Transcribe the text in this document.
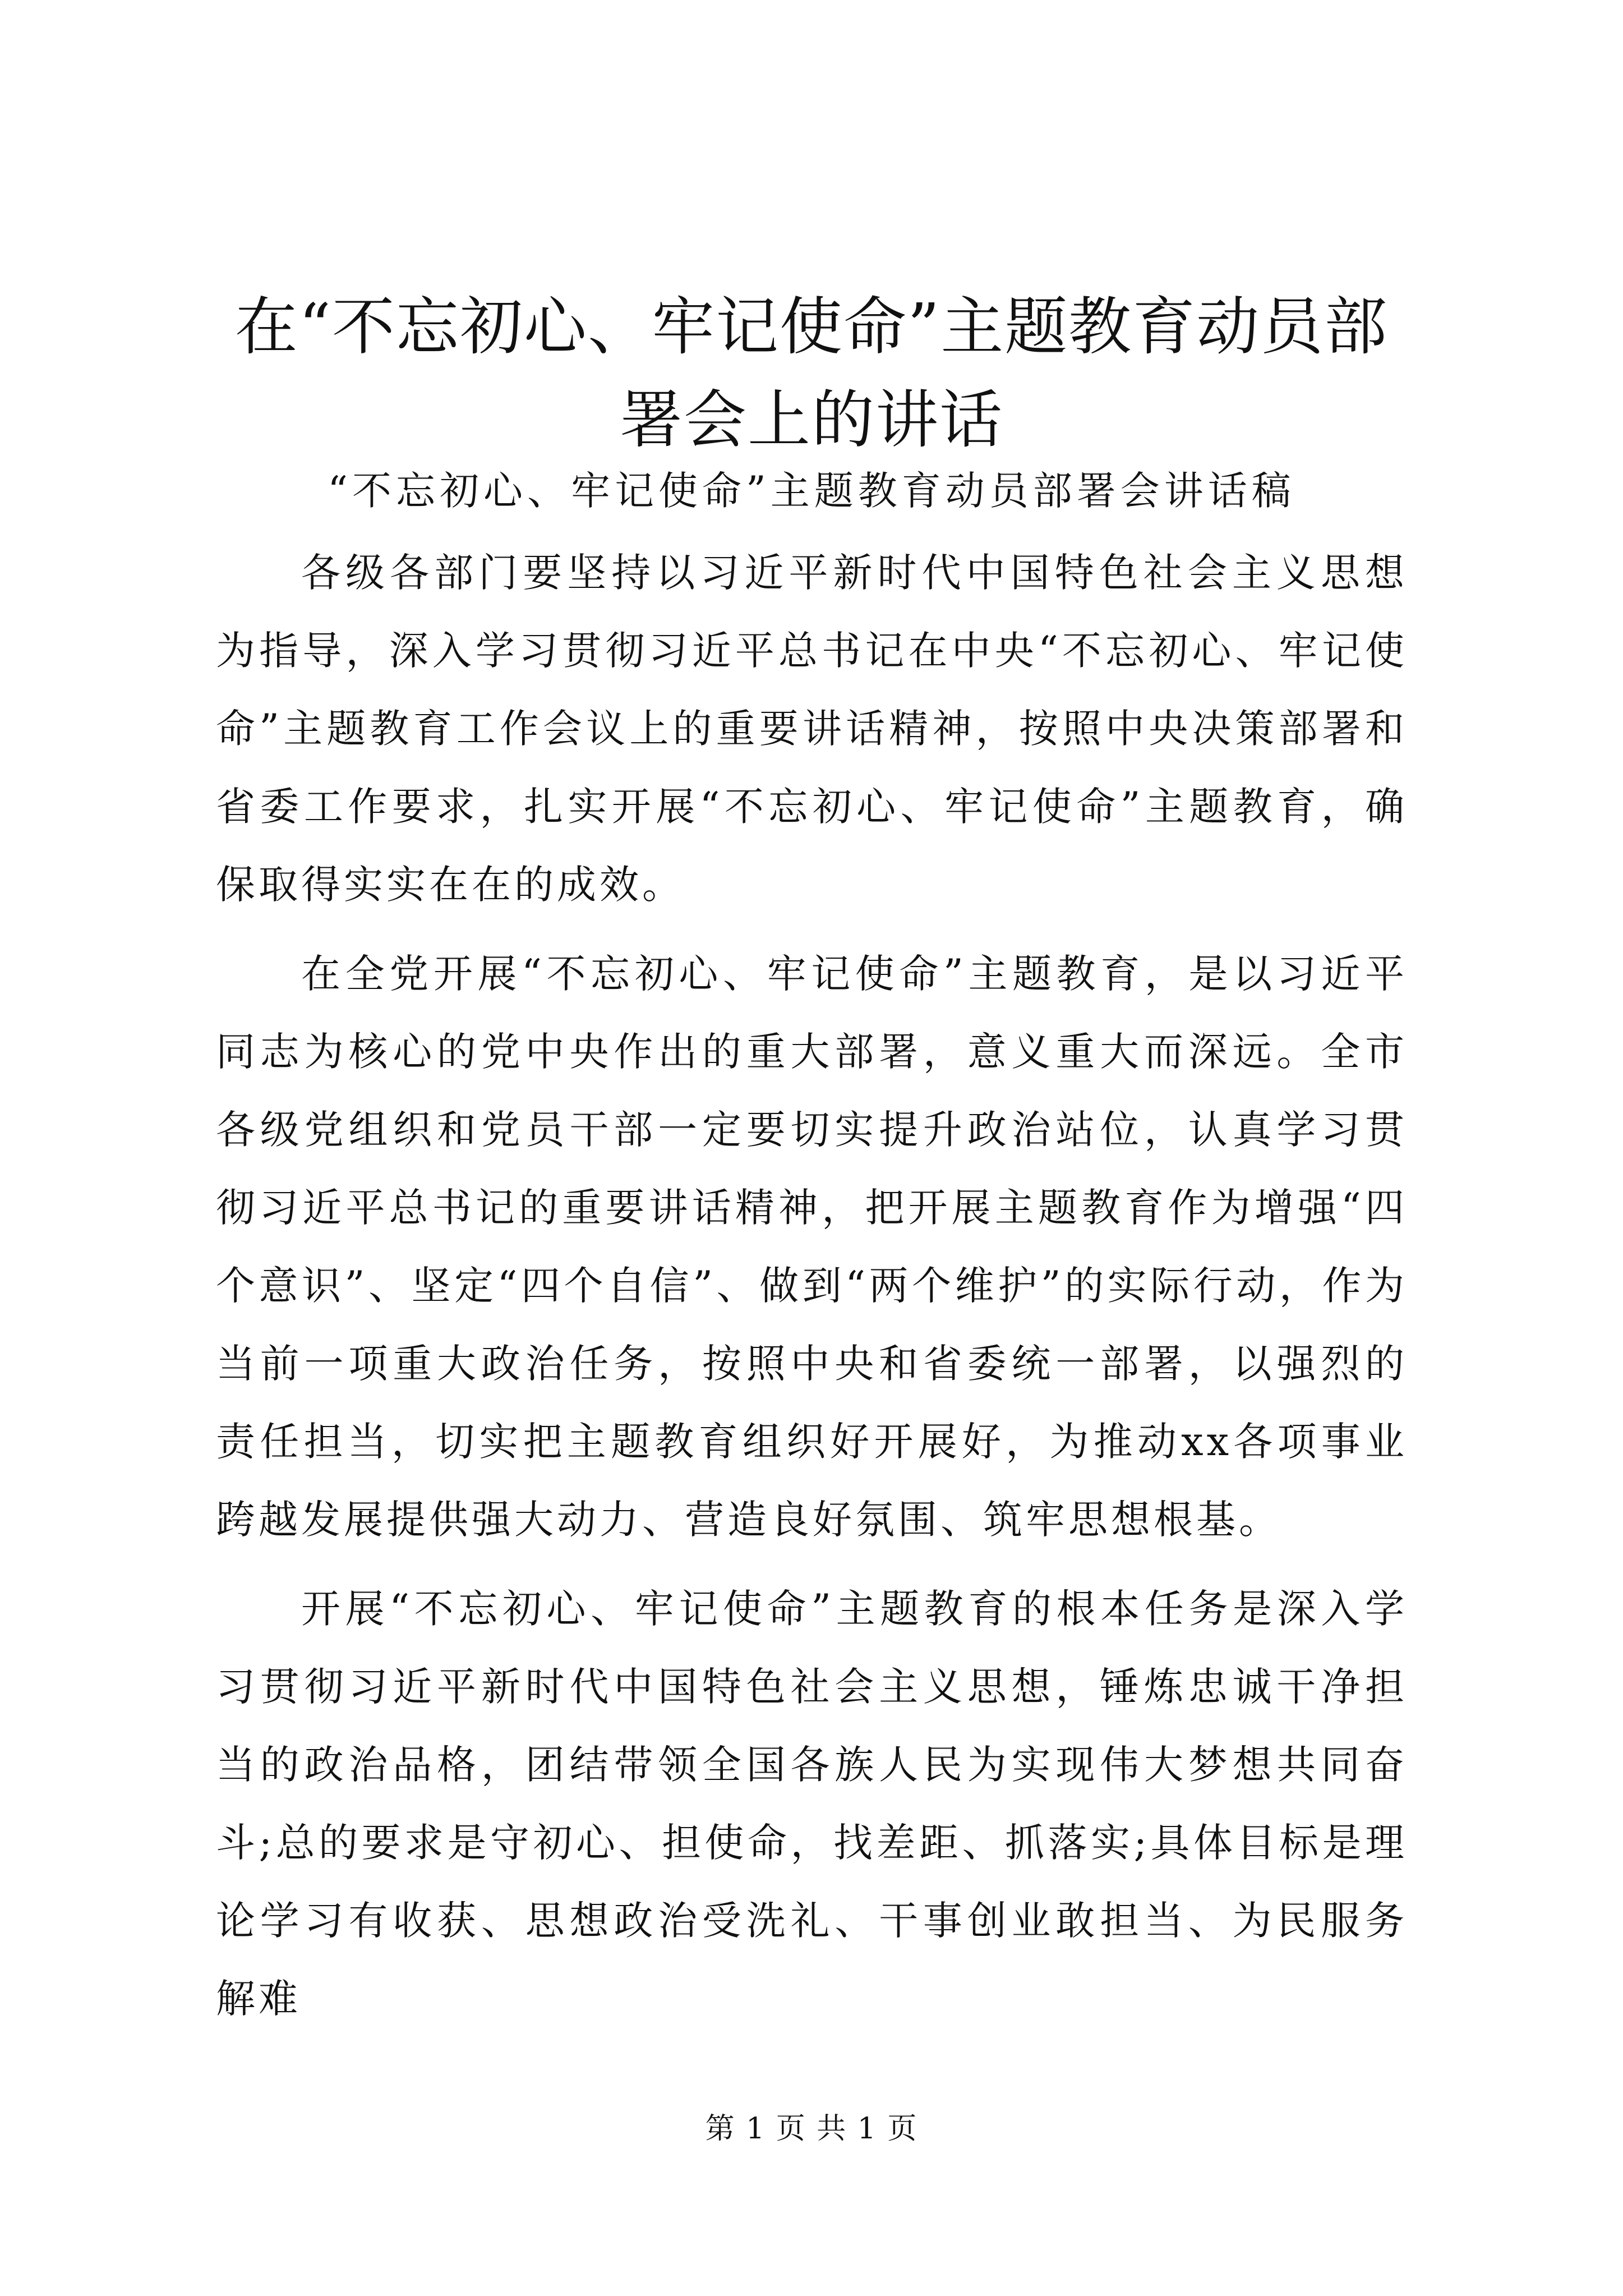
在“不忘初心、牢记使命”主题教育动员部署会上的讲话

“不忘初心、牢记使命”主题教育动员部署会讲话稿

各级各部门要坚持以习近平新时代中国特色社会主义思想为指导，深入学习贯彻习近平总书记在中央“不忘初心、牢记使命”主题教育工作会议上的重要讲话精神，按照中央决策部署和省委工作要求，扎实开展“不忘初心、牢记使命”主题教育，确保取得实实在在的成效。

在全党开展“不忘初心、牢记使命”主题教育，是以习近平同志为核心的党中央作出的重大部署，意义重大而深远。全市各级党组织和党员干部一定要切实提升政治站位，认真学习贯彻习近平总书记的重要讲话精神，把开展主题教育作为增强“四个意识”、坚定“四个自信”、做到“两个维护”的实际行动，作为当前一项重大政治任务，按照中央和省委统一部署，以强烈的责任担当，切实把主题教育组织好开展好，为推动xx各项事业跨越发展提供强大动力、营造良好氛围、筑牢思想根基。

开展“不忘初心、牢记使命”主题教育的根本任务是深入学习贯彻习近平新时代中国特色社会主义思想，锤炼忠诚干净担当的政治品格，团结带领全国各族人民为实现伟大梦想共同奋斗;总的要求是守初心、担使命，找差距、抓落实;具体目标是理论学习有收获、思想政治受洗礼、干事创业敢担当、为民服务解难

第 1 页 共 1 页
